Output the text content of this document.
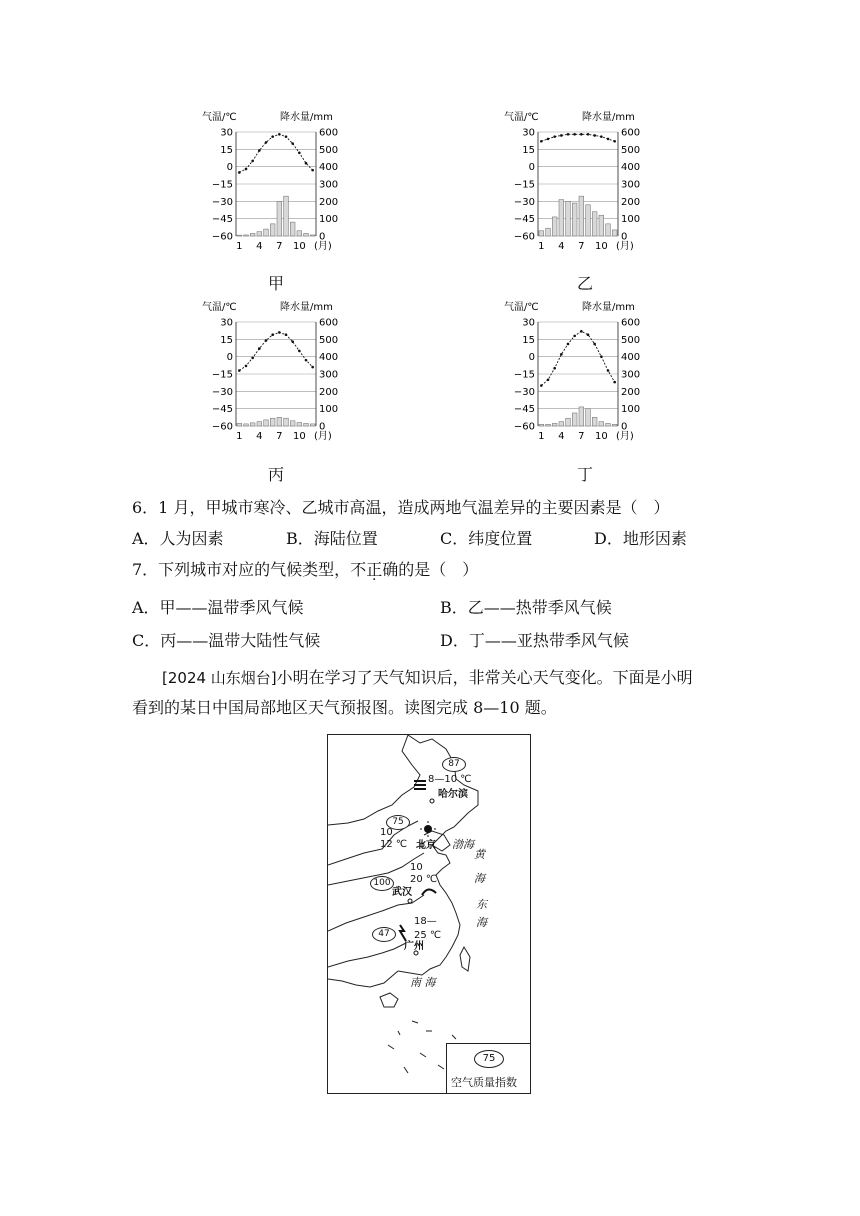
气温/℃	降水量/mm
30	600
15	500
0	400
−15	300
−30	200
−45	100
−60	0
1 4 7 10 (月)
甲
气温/℃	降水量/mm
30	600
15	500
0	400
−15	300
−30	200
−45	100
−60	0
1 4 7 10 (月)
乙
气温/℃	降水量/mm
30	600
15	500
0	400
−15	300
−30	200
−45	100
−60	0
1 4 7 10 (月)
丙
气温/℃	降水量/mm
30	600
15	500
0	400
−15	300
−30	200
−45	100
−60	0
1 4 7 10 (月)
丁
6．1 月，甲城市寒冷、乙城市高温，造成两地气温差异的主要因素是（　）
A．人为因素	B．海陆位置	C．纬度位置	D．地形因素
7．下列城市对应的气候类型，不正确的是（　）
A．甲——温带季风气候	B．乙——热带季风气候
C．丙——温带大陆性气候	D．丁——亚热带季风气候
[2024 山东烟台]小明在学习了天气知识后，非常关心天气变化。下面是小明
看到的某日中国局部地区天气预报图。读图完成 8—10 题。
87
75
100
47
8—10 ℃
10
12 ℃
10
20 ℃
18—
25 ℃
哈尔滨
北京
武汉
广州
渤海
黄
海
东
海
南 海
75
空气质量指数
